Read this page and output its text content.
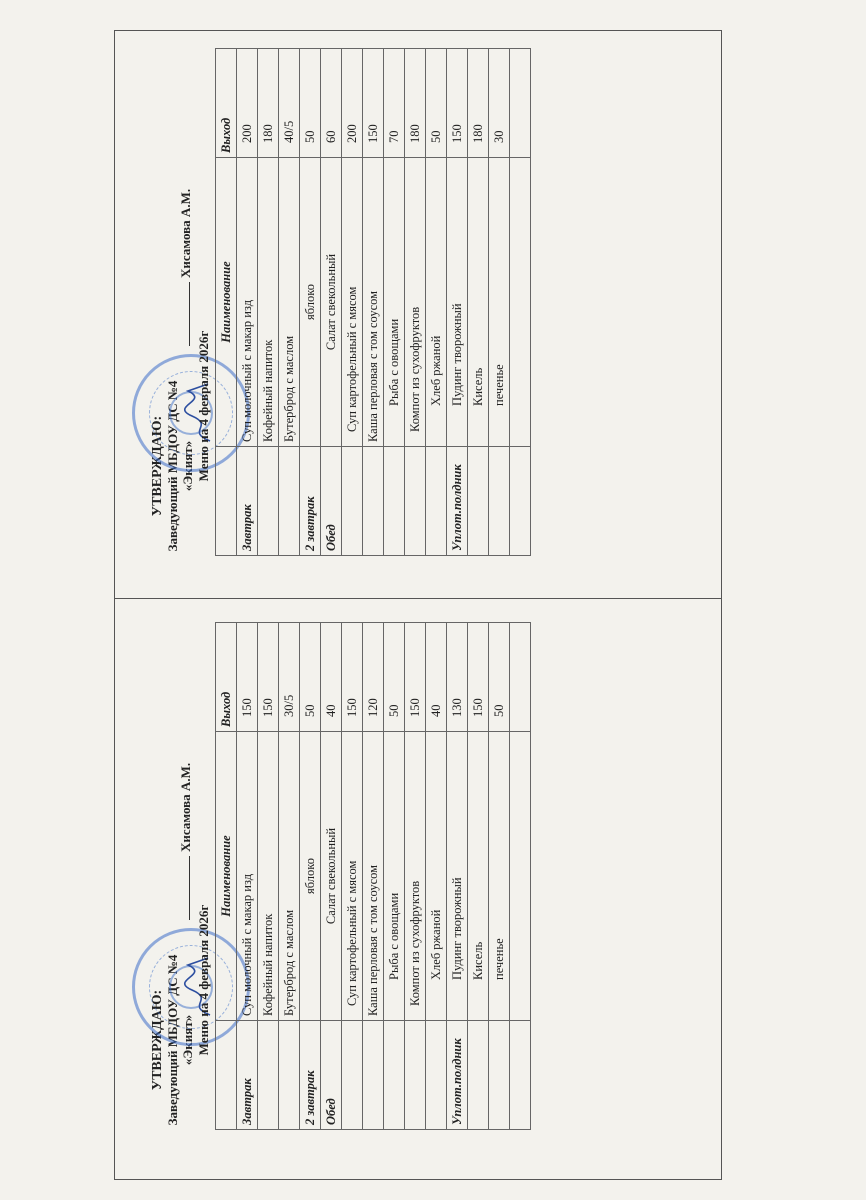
УТВЕРЖДАЮ: Заведующий МБДОУ ДС №4 «Экият»
Хисамова А.М.
Меню на 4 февраля 2026г
	Наименование	Выход
Завтрак	Суп молочный с макар изд	200
	Кофейный напиток	180
	Бутерброд с маслом	40/5
2 завтрак	яблоко	50
Обед	Салат свекольный	60
	Суп картофельный с мясом	200
	Каша перловая с том соусом	150
	Рыба с овощами	70
	Компот из сухофруктов	180
	Хлеб ржаной	50
Уплот.полдник	Пудинг творожный	150
	Кисель	180
	печенье	30

УТВЕРЖДАЮ: Заведующий МБДОУ ДС №4 «Экият»
Хисамова А.М.
Меню на 4 февраля 2026г
	Наименование	Выход
Завтрак	Суп молочный с макар изд	150
	Кофейный напиток	150
	Бутерброд с маслом	30/5
2 завтрак	яблоко	50
Обед	Салат свекольный	40
	Суп картофельный с мясом	150
	Каша перловая с том соусом	120
	Рыба с овощами	50
	Компот из сухофруктов	150
	Хлеб ржаной	40
Уплот.полдник	Пудинг творожный	130
	Кисель	150
	печенье	50
